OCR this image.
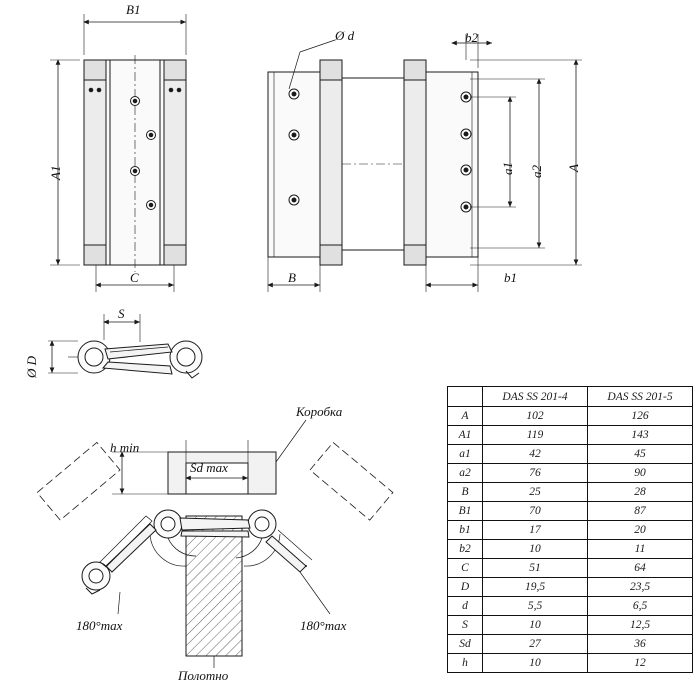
B1
A1
C
Ø d	b2
a1 a2 A
B	b1
S
Ø D
Коробка
Полотно
h min
Sd max
180°max	180°max
	DAS SS 201-4	DAS SS 201-5
A	102	126
A1	119	143
a1	42	45
a2	76	90
B	25	28
B1	70	87
b1	17	20
b2	10	11
C	51	64
D	19,5	23,5
d	5,5	6,5
S	10	12,5
Sd	27	36
h	10	12
